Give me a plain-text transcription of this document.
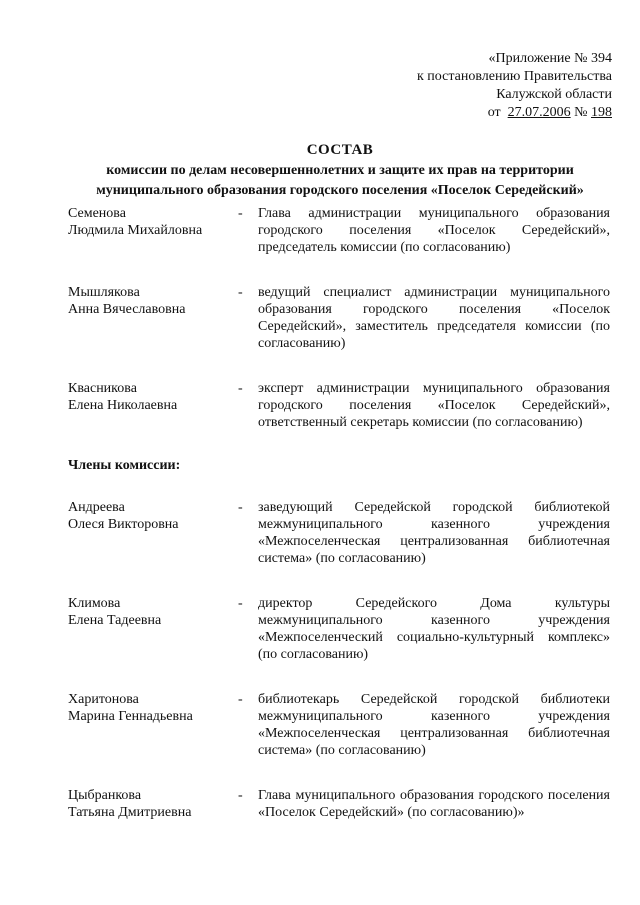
«Приложение № 394
к постановлению Правительства
Калужской области
от 27.07.2006 № 198
СОСТАВ
комиссии по делам несовершеннолетних и защите их прав на территории
муниципального образования городского поселения «Поселок Середейский»
Семенова
Людмила Михайловна
-	Глава администрации муниципального образования городского поселения «Поселок Середейский», председатель комиссии (по согласованию)
Мышлякова
Анна Вячеславовна
-	ведущий специалист администрации муниципального образования городского поселения «Поселок Середейский», заместитель председателя комиссии (по согласованию)
Квасникова
Елена Николаевна
-	эксперт администрации муниципального образования городского поселения «Поселок Середейский», ответственный секретарь комиссии (по согласованию)
Члены комиссии:
Андреева
Олеся Викторовна
-	заведующий Середейской городской библиотекой межмуниципального казенного учреждения «Межпоселенческая централизованная библиотечная система» (по согласованию)
Климова
Елена Тадеевна
-	директор Середейского Дома культуры межмуниципального казенного учреждения «Межпоселенческий социально-культурный комплекс» (по согласованию)
Харитонова
Марина Геннадьевна
-	библиотекарь Середейской городской библиотеки межмуниципального казенного учреждения «Межпоселенческая централизованная библиотечная система» (по согласованию)
Цыбранкова
Татьяна Дмитриевна
-	Глава муниципального образования городского поселения «Поселок Середейский» (по согласованию)»
